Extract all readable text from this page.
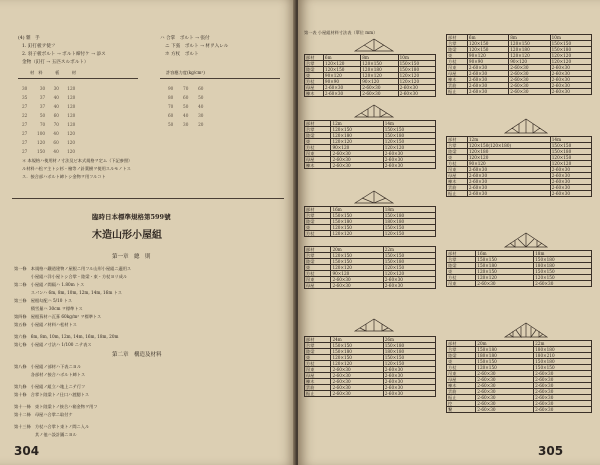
(4) 雜　手
1. 釘打板ヲ使フ
2. 羽子板ボルト → ボルト締付ケ → 添ス
金物（釘打 → 五匹スルボルト）
ハ 合掌　ボルト → 張付
ニ 下張　ボルト → 材ヲ入レル
ホ 方杖　ボルト
材　料　　　板　　　材
30　　　30　　30　　120
35　　　37　　40　　120
27　　　37　　40　　120
22　　　50　　60　　120
27　　　70　　70　　120
27　　 100　　40　　120
27　　 120　　60　　120
27　　 150　　40　　120
許容應力度(kg/cm²)
90　　 70　　 60
80　　 60　　 50
70　　 50　　 40
60　　 40　　 30
50　　 30　　 20
＊ 本規格ハ使用材ノ寸法及ビ本式規格ヲ定ム（下記参照）
ル材料ハ松ヲ主トシ杉・檜等ノ針葉樹ヲ使用スルモノトス
ス．接合部ハボルト締トシ金物ヲ用フルコト
臨時日本標準規格第599號
木造山形小屋組
第一章　總　則
第一條　本規格ハ鐵道建物ノ屋根ニ用フル山形小屋組ニ適用ス
　　　　小屋組ハ洋小屋トシ合掌・陸梁・束・方杖ヨリ成ル
第二條　小屋組ノ間隔ハ 1.80m トス
　　　　スパンハ 6m, 8m, 10m, 12m, 14m, 16m トス
第三條　屋根勾配ハ 5/10 トス
　　　　積雪量ハ 30cm ヲ標準トス
第四條　屋根葺材ハ瓦葺 60kg/m² ヲ標準トス
第五條　小屋組ノ材料ハ松材トス
第六條　6m, 8m, 10m, 12m, 14m, 16m, 18m, 20m
第七條　小屋組ノ寸法ハ 1/100 ニテ表ス
第二章　構造及材料
第八條　小屋組ノ部材ハ下表ニヨル
　　　　各部材ノ接合ハボルト締トス
第九條　小屋組ノ組立ハ地上ニテ行フ
第十條　合掌ト陸梁トノ仕口ハ渡腮トス
第十一條　束ト陸梁トノ接合ハ箱金物ヲ用フ
第十二條　母屋ハ合掌ニ取付ケ
第十三條　方杖ハ合掌ト束トノ間ニ入ル
　　　　　其ノ他ハ設計圖ニヨル
304
第一表 小屋組材料寸法表（單位 mm）
部材	6m	8m	10m
合掌	120×120	120×150	150×150
陸梁	120×150	120×180	150×180
束	90×120	120×120	120×120
方杖	90×90	90×120	120×120
母屋	2-60×30	2-60×30	2-60×30
棟木	2-60×30	2-60×30	2-60×30
部材	12m	14m
合掌	120×150	150×150
陸梁	120×180	150×180
束	120×120	120×150
方杖	90×120	120×120
吊束	2-60×30	2-60×30
母屋	2-60×30	2-60×30
棟木	2-60×30	2-60×30
部材	16m	18m
合掌	150×150	150×180
陸梁	150×180	180×180
束	120×150	150×150
方杖	120×120	120×150
部材	20m	22m
合掌	120×150	150×150
陸梁	150×150	150×180
束	120×120	120×150
方杖	90×120	120×120
吊束	2-60×30	2-60×30
母屋	2-60×30	2-60×30
部材	24m	26m
合掌	150×150	150×180
陸梁	150×180	180×180
束	120×150	150×150
方杖	120×120	120×150
吊束	2-60×30	2-60×30
母屋	2-60×30	2-60×30
棟木	2-60×30	2-60×30
雲筋	2-60×30	2-60×30
振止	2-60×30	2-60×30
部材	6m	8m	10m
合掌	120×150	120×150	150×150
陸梁	120×150	120×180	150×180
束	90×120	120×120	120×120
方杖	90×90	90×120	120×120
吊束	2-60×30	2-60×30	2-60×30
母屋	2-60×30	2-60×30	2-60×30
棟木	2-60×30	2-60×30	2-60×30
雲筋	2-60×30	2-60×30	2-60×30
振止	2-60×30	2-60×30	2-60×30
部材	12m	14m
合掌	120×150(120×180)	150×150
陸梁	120×180	150×180
束	120×120	120×150
方杖	90×120	120×120
吊束	2-60×30	2-60×30
母屋	2-60×30	2-60×30
棟木	2-60×30	2-60×30
雲筋	2-60×30	2-60×30
振止	2-60×30	2-60×30
部材	16m	18m
合掌	150×150	150×180
陸梁	150×180	180×180
束	120×150	150×150
方杖	120×120	120×150
吊束	2-60×30	2-60×30
部材	20m	22m
合掌	150×180	180×180
陸梁	180×180	180×210
束	150×150	150×180
方杖	120×150	150×150
吊束	2-60×30	2-60×30
母屋	2-60×30	2-60×30
棟木	2-60×30	2-60×30
雲筋	2-60×30	2-60×30
振止	2-60×30	2-60×30
控	2-60×30	2-60×30
繋	2-60×30	2-60×30
305
